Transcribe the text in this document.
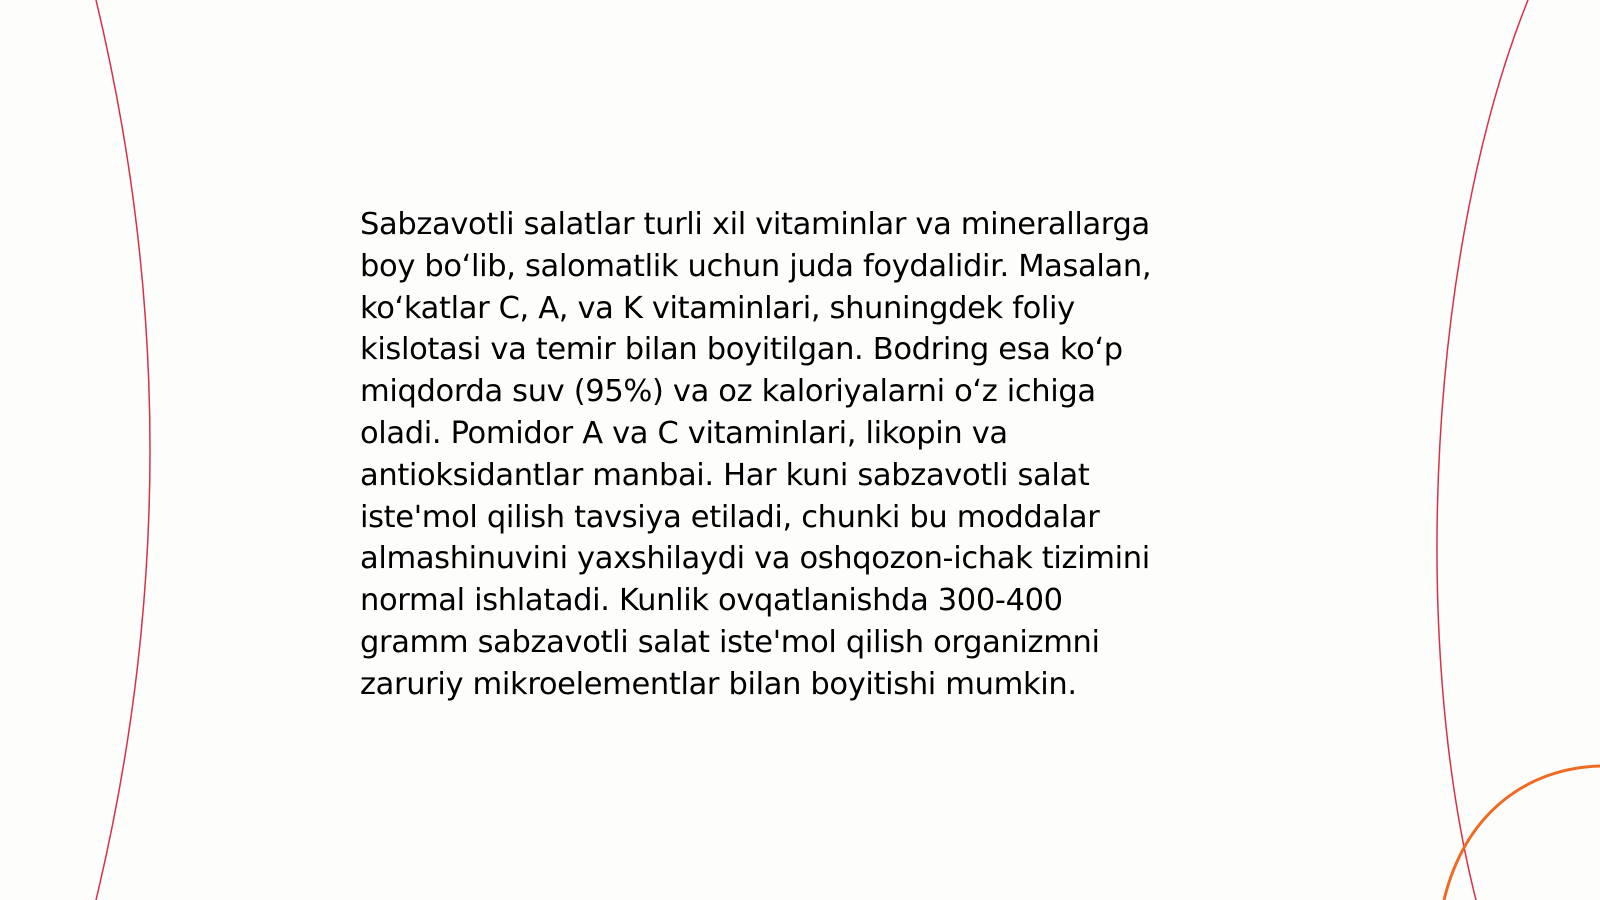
Sabzavotli salatlar turli xil vitaminlar va minerallarga
boy bo‘lib, salomatlik uchun juda foydalidir. Masalan,
ko‘katlar C, A, va K vitaminlari, shuningdek foliy
kislotasi va temir bilan boyitilgan. Bodring esa ko‘p
miqdorda suv (95%) va oz kaloriyalarni o‘z ichiga
oladi. Pomidor A va C vitaminlari, likopin va
antioksidantlar manbai. Har kuni sabzavotli salat
iste'mol qilish tavsiya etiladi, chunki bu moddalar
almashinuvini yaxshilaydi va oshqozon-ichak tizimini
normal ishlatadi. Kunlik ovqatlanishda 300-400
gramm sabzavotli salat iste'mol qilish organizmni
zaruriy mikroelementlar bilan boyitishi mumkin.
